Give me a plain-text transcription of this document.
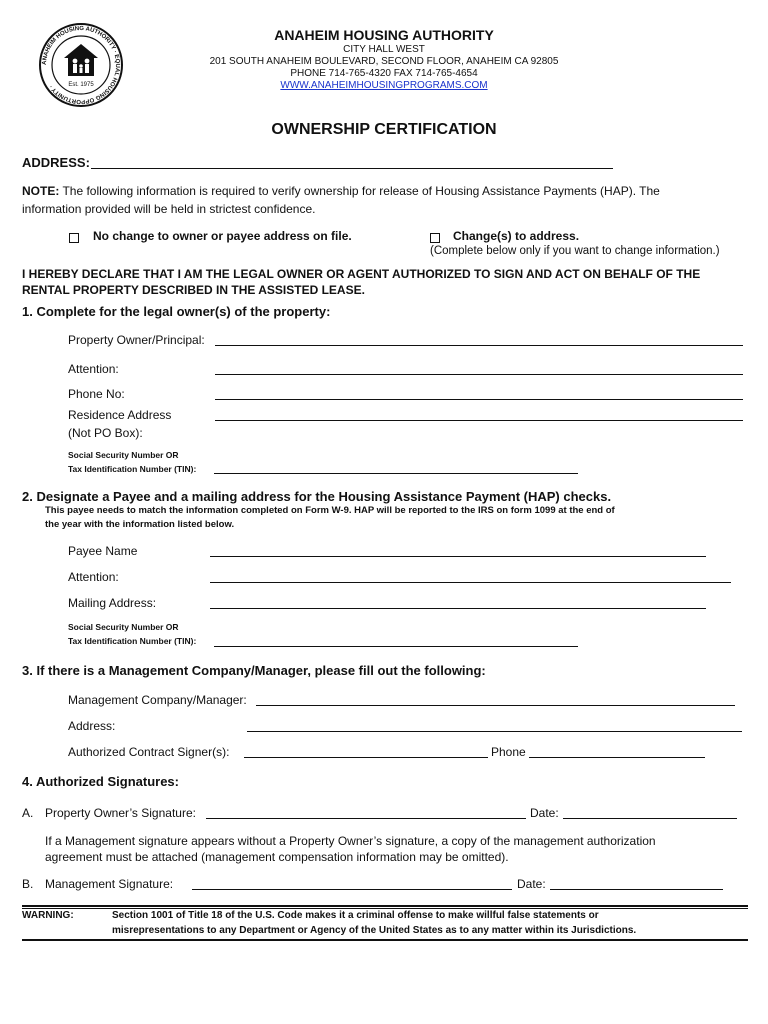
ANAHEIM HOUSING AUTHORITY · EQUAL HOUSING OPPORTUNITY ·	Est. 1975
ANAHEIM HOUSING AUTHORITY
CITY HALL WEST
201 SOUTH ANAHEIM BOULEVARD, SECOND FLOOR, ANAHEIM CA 92805
PHONE 714-765-4320 FAX 714-765-4654
WWW.ANAHEIMHOUSINGPROGRAMS.COM
OWNERSHIP CERTIFICATION
ADDRESS:
NOTE: The following information is required to verify ownership for release of Housing Assistance Payments (HAP). The
information provided will be held in strictest confidence.
No change to owner or payee address on file.	Change(s) to address.
(Complete below only if you want to change information.)
I HEREBY DECLARE THAT I AM THE LEGAL OWNER OR AGENT AUTHORIZED TO SIGN AND ACT ON BEHALF OF THE
RENTAL PROPERTY DESCRIBED IN THE ASSISTED LEASE.
1. Complete for the legal owner(s) of the property:
Property Owner/Principal:
Attention:
Phone No:
Residence Address
(Not PO Box):
Social Security Number OR
Tax Identification Number (TIN):
2. Designate a Payee and a mailing address for the Housing Assistance Payment (HAP) checks.
This payee needs to match the information completed on Form W-9. HAP will be reported to the IRS on form 1099 at the end of
the year with the information listed below.
Payee Name
Attention:
Mailing Address:
Social Security Number OR
Tax Identification Number (TIN):
3. If there is a Management Company/Manager, please fill out the following:
Management Company/Manager:
Address:
Authorized Contract Signer(s):	Phone
4. Authorized Signatures:
A. Property Owner’s Signature:	Date:
If a Management signature appears without a Property Owner’s signature, a copy of the management authorization
agreement must be attached (management compensation information may be omitted).
B. Management Signature:	Date:
WARNING:	Section 1001 of Title 18 of the U.S. Code makes it a criminal offense to make willful false statements or
misrepresentations to any Department or Agency of the United States as to any matter within its Jurisdictions.
